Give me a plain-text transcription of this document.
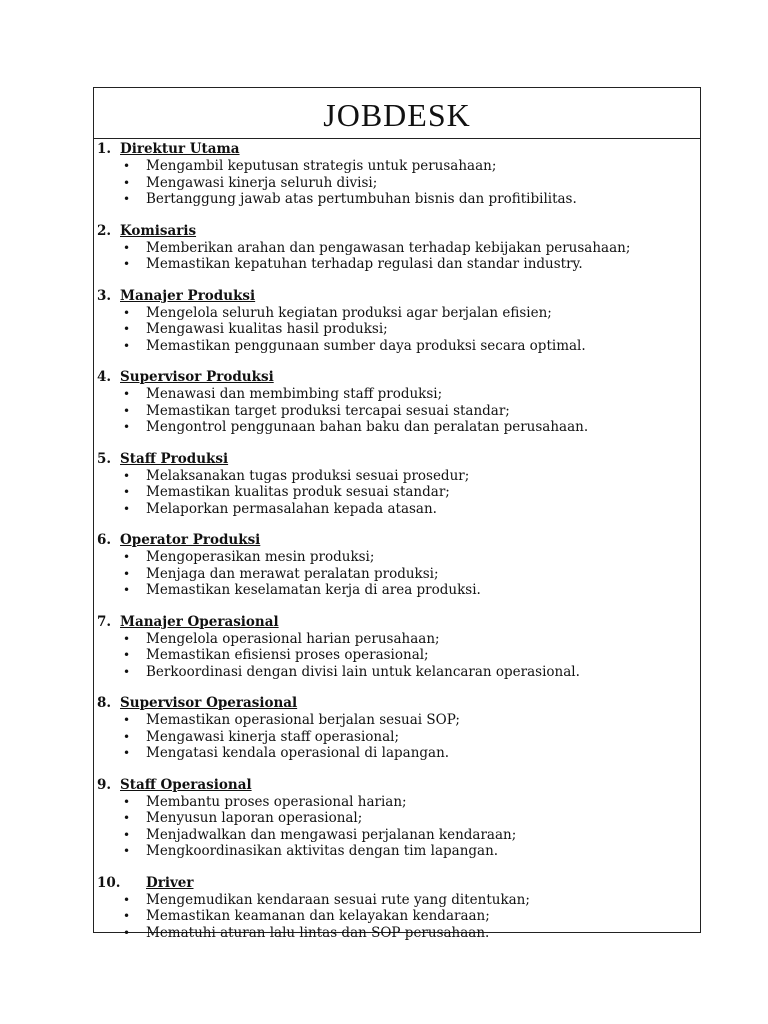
JOBDESK
1. Direktur Utama
• Mengambil keputusan strategis untuk perusahaan;
• Mengawasi kinerja seluruh divisi;
• Bertanggung jawab atas pertumbuhan bisnis dan profitibilitas.
2. Komisaris
• Memberikan arahan dan pengawasan terhadap kebijakan perusahaan;
• Memastikan kepatuhan terhadap regulasi dan standar industry.
3. Manajer Produksi
• Mengelola seluruh kegiatan produksi agar berjalan efisien;
• Mengawasi kualitas hasil produksi;
• Memastikan penggunaan sumber daya produksi secara optimal.
4. Supervisor Produksi
• Menawasi dan membimbing staff produksi;
• Memastikan target produksi tercapai sesuai standar;
• Mengontrol penggunaan bahan baku dan peralatan perusahaan.
5. Staff Produksi
• Melaksanakan tugas produksi sesuai prosedur;
• Memastikan kualitas produk sesuai standar;
• Melaporkan permasalahan kepada atasan.
6. Operator Produksi
• Mengoperasikan mesin produksi;
• Menjaga dan merawat peralatan produksi;
• Memastikan keselamatan kerja di area produksi.
7. Manajer Operasional
• Mengelola operasional harian perusahaan;
• Memastikan efisiensi proses operasional;
• Berkoordinasi dengan divisi lain untuk kelancaran operasional.
8. Supervisor Operasional
• Memastikan operasional berjalan sesuai SOP;
• Mengawasi kinerja staff operasional;
• Mengatasi kendala operasional di lapangan.
9. Staff Operasional
• Membantu proses operasional harian;
• Menyusun laporan operasional;
• Menjadwalkan dan mengawasi perjalanan kendaraan;
• Mengkoordinasikan aktivitas dengan tim lapangan.
10. Driver
• Mengemudikan kendaraan sesuai rute yang ditentukan;
• Memastikan keamanan dan kelayakan kendaraan;
• Mematuhi aturan lalu lintas dan SOP perusahaan.
